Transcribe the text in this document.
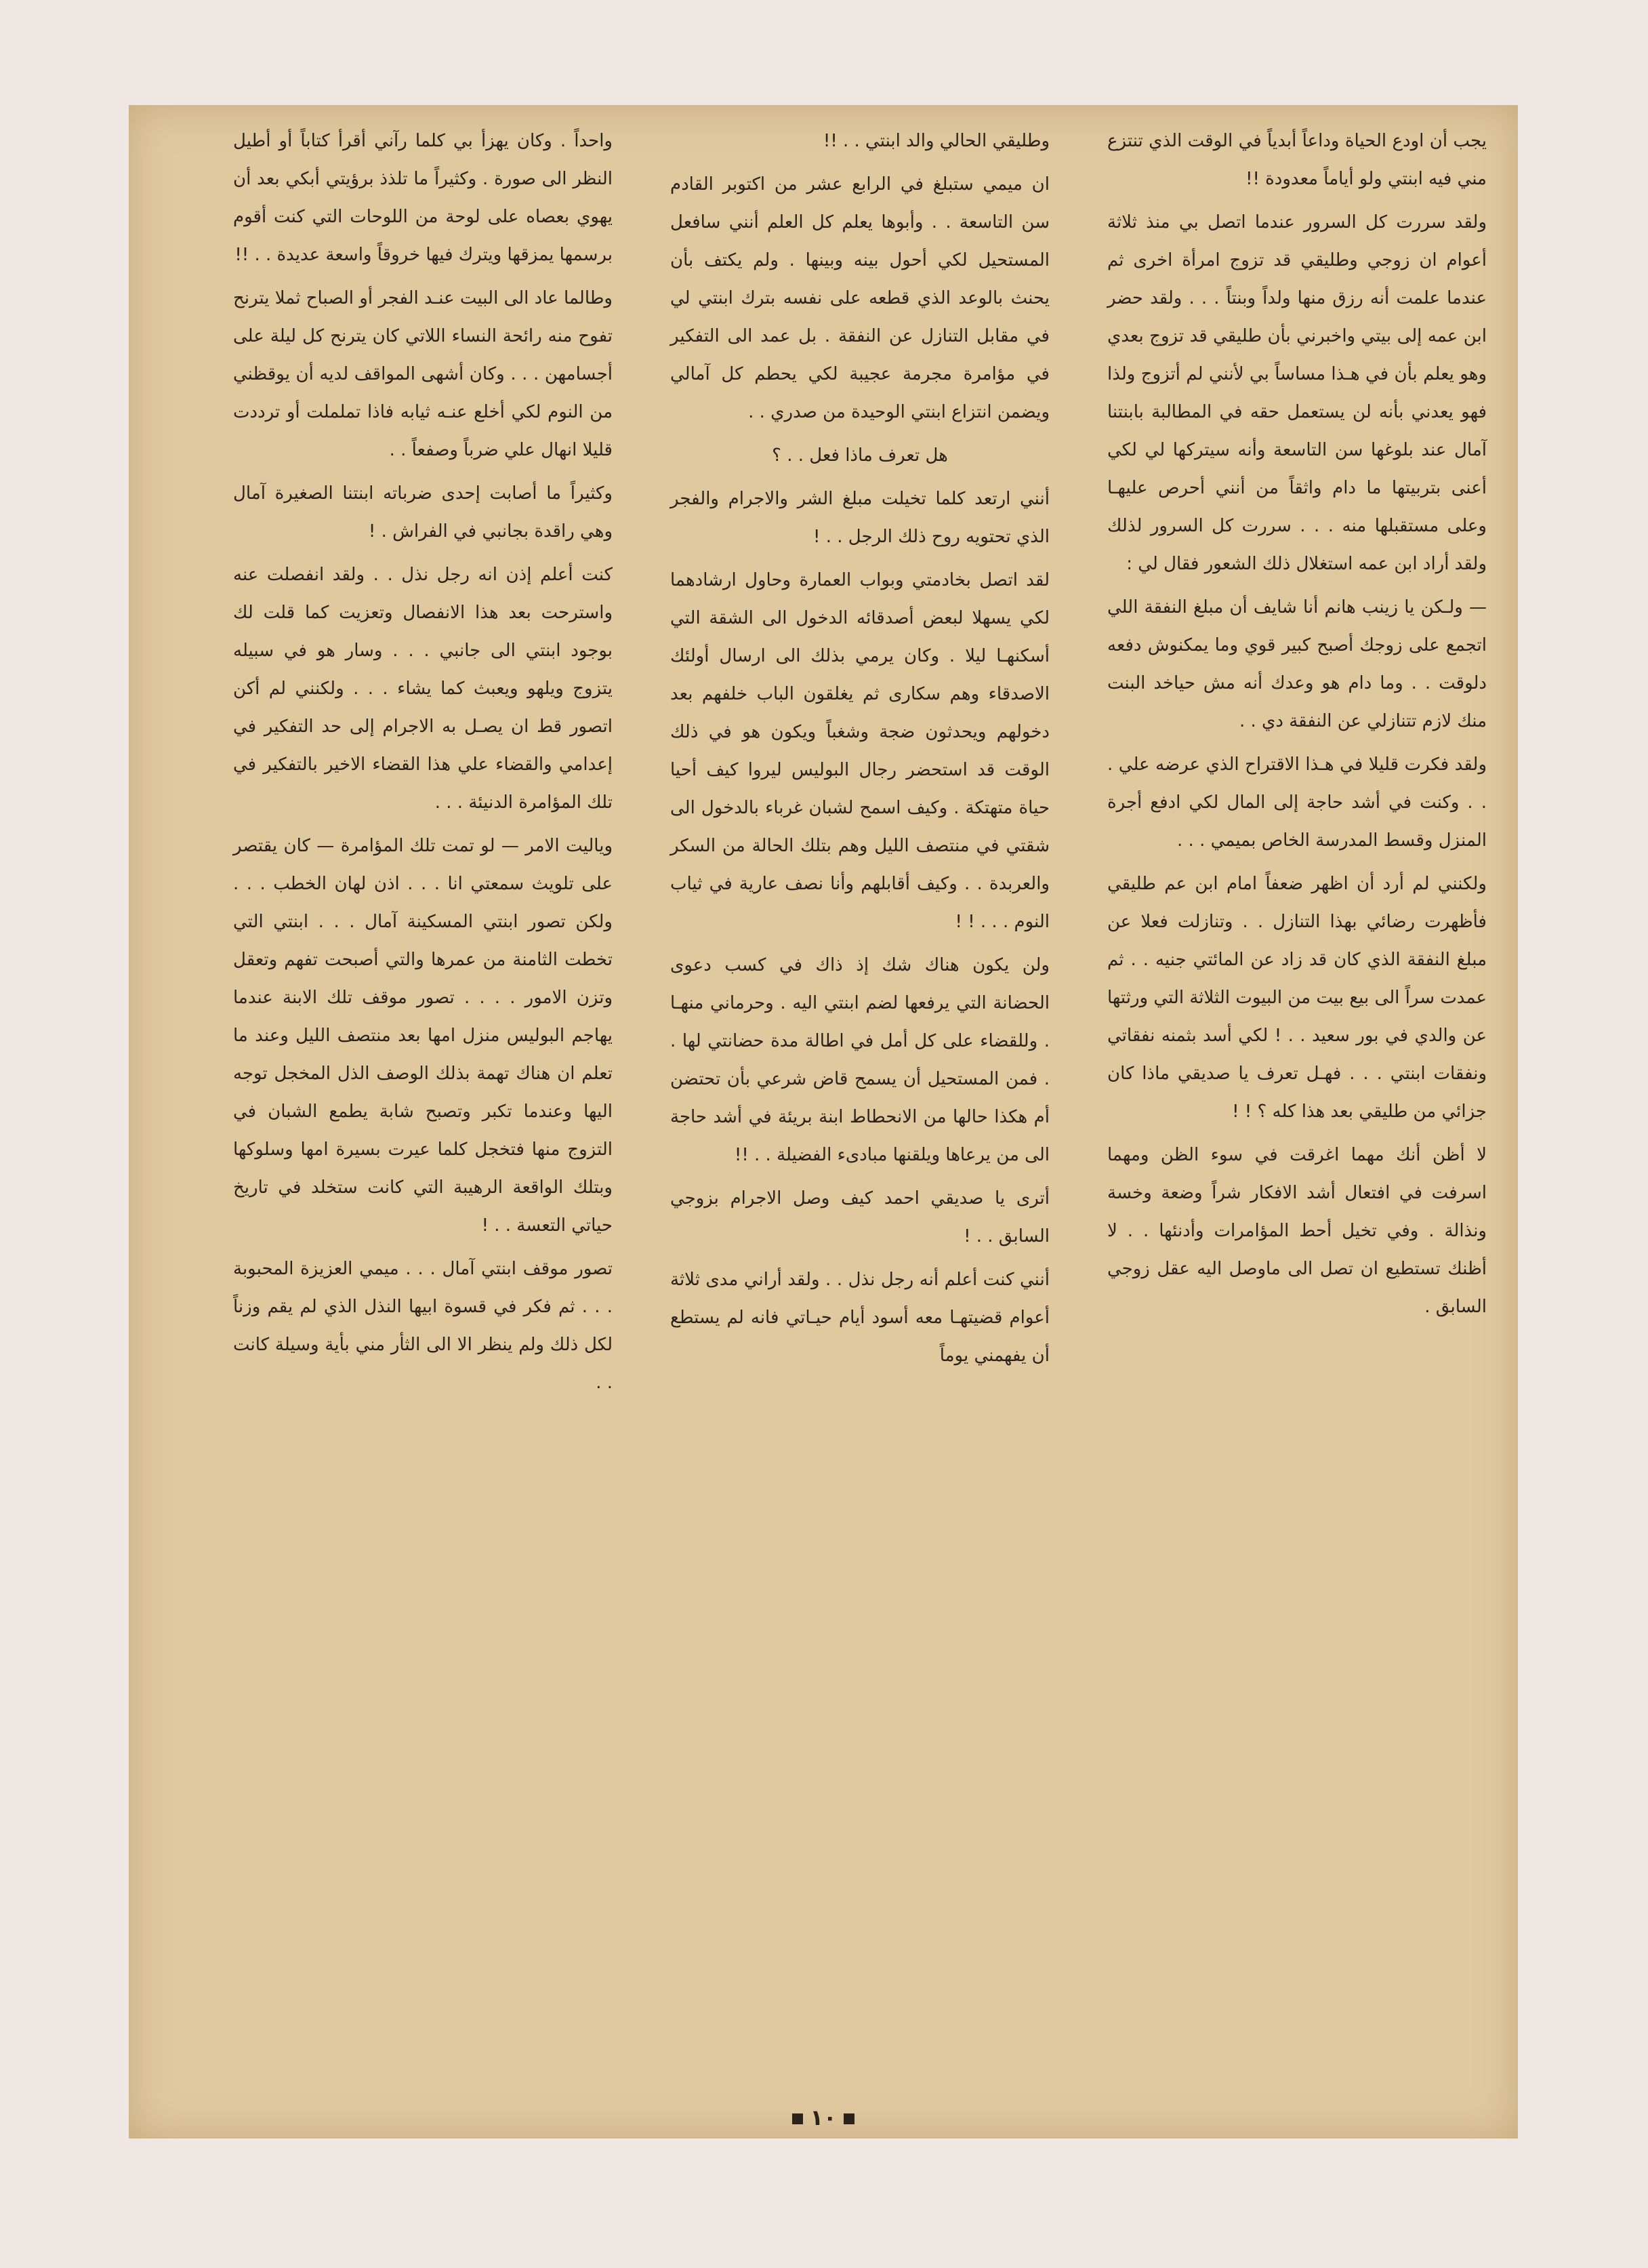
يجب أن اودع الحياة وداعاً أبدياً في الوقت الذي تنتزع مني فيه ابنتي ولو أياماً معدودة !!

ولقد سررت كل السرور عندما اتصل بي منذ ثلاثة أعوام ان زوجي وطليقي قد تزوج امرأة اخرى ثم عندما علمت أنه رزق منها ولداً وبنتاً . . . ولقد حضر ابن عمه إلى بيتي واخبرني بأن طليقي قد تزوج بعدي وهو يعلم بأن في هـذا مساساً بي لأنني لم أتزوج ولذا فهو يعدني بأنه لن يستعمل حقه في المطالبة بابنتنا آمال عند بلوغها سن التاسعة وأنه سيتركها لي لكي أعنى بتربيتها ما دام واثقاً من أنني أحرص عليهـا وعلى مستقبلها منه . . . سررت كل السرور لذلك ولقد أراد ابن عمه استغلال ذلك الشعور فقال لي :

— ولـكن يا زينب هانم أنا شايف أن مبلغ النفقة اللي اتجمع على زوجك أصبح كبير قوي وما يمكنوش دفعه دلوقت . . وما دام هو وعدك أنه مش حياخد البنت منك لازم تتنازلي عن النفقة دي . .

ولقد فكرت قليلا في هـذا الاقتراح الذي عرضه علي . . . وكنت في أشد حاجة إلى المال لكي ادفع أجرة المنزل وقسط المدرسة الخاص بميمي . . .

ولكنني لم أرد أن اظهر ضعفاً امام ابن عم طليقي فأظهرت رضائي بهذا التنازل . . وتنازلت فعلا عن مبلغ النفقة الذي كان قد زاد عن المائتي جنيه . . ثم عمدت سراً الى بيع بيت من البيوت الثلاثة التي ورثتها عن والدي في بور سعيد . . ! لكي أسد بثمنه نفقاتي ونفقات ابنتي . . . فهـل تعرف يا صديقي ماذا كان جزائي من طليقي بعد هذا كله ؟ ! !

لا أظن أنك مهما اغرقت في سوء الظن ومهما اسرفت في افتعال أشد الافكار شراً وضعة وخسة ونذالة . وفي تخيل أحط المؤامرات وأدنئها . . لا أظنك تستطيع ان تصل الى ماوصل اليه عقل زوجي السابق .

وطليقي الحالي والد ابنتي . . !!

ان ميمي ستبلغ في الرابع عشر من اكتوبر القادم سن التاسعة . . وأبوها يعلم كل العلم أنني سافعل المستحيل لكي أحول بينه وبينها . ولم يكتف بأن يحنث بالوعد الذي قطعه على نفسه بترك ابنتي لي في مقابل التنازل عن النفقة . بل عمد الى التفكير في مؤامرة مجرمة عجيبة لكي يحطم كل آمالي ويضمن انتزاع ابنتي الوحيدة من صدري . .

هل تعرف ماذا فعل . . ؟

أنني ارتعد كلما تخيلت مبلغ الشر والاجرام والفجر الذي تحتويه روح ذلك الرجل . . !

لقد اتصل بخادمتي وبواب العمارة وحاول ارشادهما لكي يسهلا لبعض أصدقائه الدخول الى الشقة التي أسكنهـا ليلا . وكان يرمي بذلك الى ارسال أولئك الاصدقاء وهم سكارى ثم يغلقون الباب خلفهم بعد دخولهم ويحدثون ضجة وشغباً ويكون هو في ذلك الوقت قد استحضر رجال البوليس ليروا كيف أحيا حياة متهتكة . وكيف اسمح لشبان غرباء بالدخول الى شقتي في منتصف الليل وهم بتلك الحالة من السكر والعربدة . . وكيف أقابلهم وأنا نصف عارية في ثياب النوم . . . ! !

ولن يكون هناك شك إذ ذاك في كسب دعوى الحضانة التي يرفعها لضم ابنتي اليه . وحرماني منهـا . وللقضاء على كل أمل في اطالة مدة حضانتي لها . . فمن المستحيل أن يسمح قاض شرعي بأن تحتضن أم هكذا حالها من الانحطاط ابنة بريئة في أشد حاجة الى من يرعاها ويلقنها مبادىء الفضيلة . . !!

أترى يا صديقي احمد كيف وصل الاجرام بزوجي السابق . . !

أنني كنت أعلم أنه رجل نذل . . ولقد أراني مدى ثلاثة أعوام قضيتهـا معه أسود أيام حيـاتي فانه لم يستطع أن يفهمني يوماً

واحداً . وكان يهزأ بي كلما رآني أقرأ كتاباً أو أطيل النظر الى صورة . وكثيراً ما تلذذ برؤيتي أبكي بعد أن يهوي بعصاه على لوحة من اللوحات التي كنت أقوم برسمها يمزقها ويترك فيها خروقاً واسعة عديدة . . !!

وطالما عاد الى البيت عنـد الفجر أو الصباح ثملا يترنح تفوح منه رائحة النساء اللاتي كان يترنح كل ليلة على أجسامهن . . . وكان أشهى المواقف لديه أن يوقظني من النوم لكي أخلع عنـه ثيابه فاذا تململت أو ترددت قليلا انهال علي ضرباً وصفعاً . .

وكثيراً ما أصابت إحدى ضرباته ابنتنا الصغيرة آمال وهي راقدة بجانبي في الفراش . !

كنت أعلم إذن انه رجل نذل . . ولقد انفصلت عنه واسترحت بعد هذا الانفصال وتعزيت كما قلت لك بوجود ابنتي الى جانبي . . . وسار هو في سبيله يتزوج ويلهو ويعبث كما يشاء . . . ولكنني لم أكن اتصور قط ان يصـل به الاجرام إلى حد التفكير في إعدامي والقضاء علي هذا القضاء الاخير بالتفكير في تلك المؤامرة الدنيئة . . .

وياليت الامر — لو تمت تلك المؤامرة — كان يقتصر على تلويث سمعتي انا . . . اذن لهان الخطب . . . ولكن تصور ابنتي المسكينة آمال . . . ابنتي التي تخطت الثامنة من عمرها والتي أصبحت تفهم وتعقل وتزن الامور . . . . تصور موقف تلك الابنة عندما يهاجم البوليس منزل امها بعد منتصف الليل وعند ما تعلم ان هناك تهمة بذلك الوصف الذل المخجل توجه اليها وعندما تكبر وتصبح شابة يطمع الشبان في التزوج منها فتخجل كلما عيرت بسيرة امها وسلوكها وبتلك الواقعة الرهيبة التي كانت ستخلد في تاريخ حياتي التعسة . . !

تصور موقف ابنتي آمال . . . ميمي العزيزة المحبوبة . . . ثم فكر في قسوة ابيها النذل الذي لم يقم وزناً لكل ذلك ولم ينظر الا الى الثأر مني بأية وسيلة كانت . .

١٠
